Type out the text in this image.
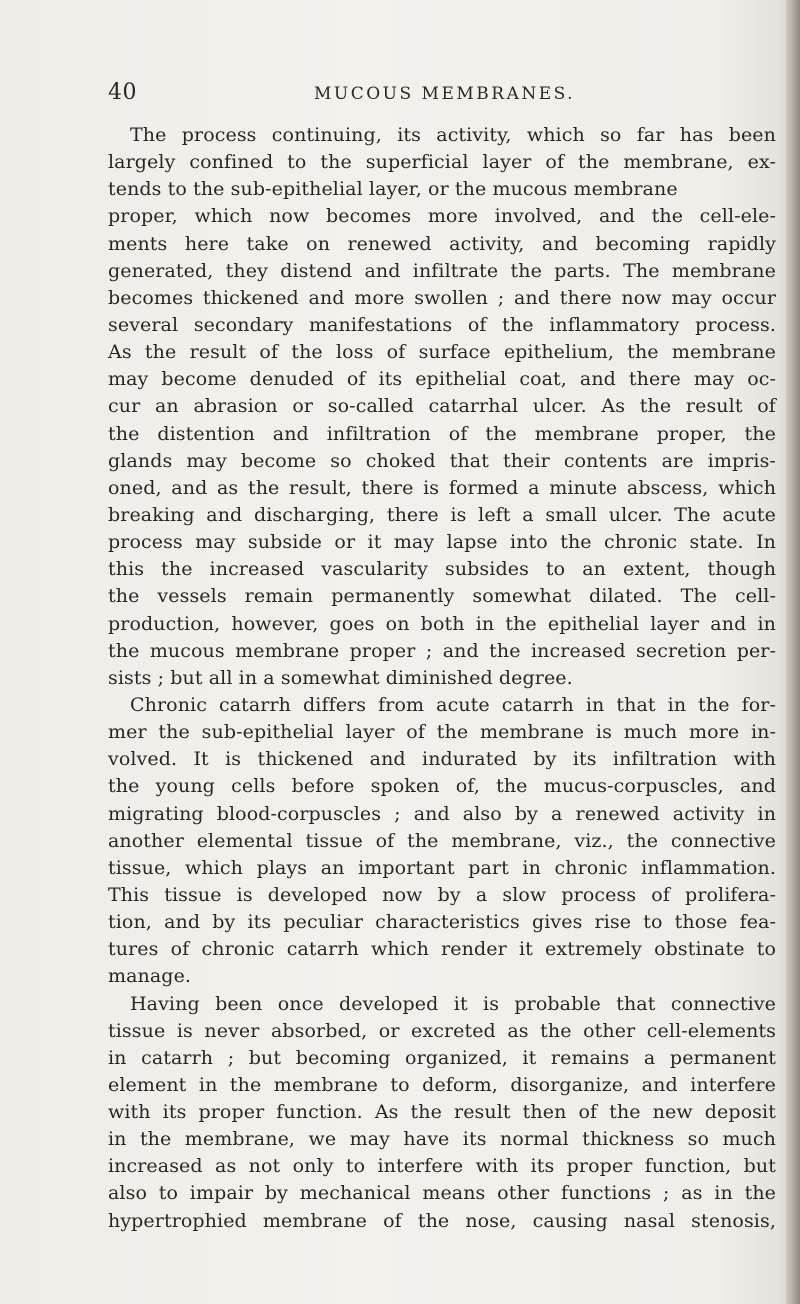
40	MUCOUS MEMBRANES.
The process continuing, its activity, which so far has been
largely confined to the superficial layer of the membrane, ex-
tends to the sub-epithelial layer, or the mucous membrane
proper, which now becomes more involved, and the cell-ele-
ments here take on renewed activity, and becoming rapidly
generated, they distend and infiltrate the parts. The membrane
becomes thickened and more swollen ; and there now may occur
several secondary manifestations of the inflammatory process.
As the result of the loss of surface epithelium, the membrane
may become denuded of its epithelial coat, and there may oc-
cur an abrasion or so-called catarrhal ulcer. As the result of
the distention and infiltration of the membrane proper, the
glands may become so choked that their contents are impris-
oned, and as the result, there is formed a minute abscess, which
breaking and discharging, there is left a small ulcer. The acute
process may subside or it may lapse into the chronic state. In
this the increased vascularity subsides to an extent, though
the vessels remain permanently somewhat dilated. The cell-
production, however, goes on both in the epithelial layer and in
the mucous membrane proper ; and the increased secretion per-
sists ; but all in a somewhat diminished degree.
Chronic catarrh differs from acute catarrh in that in the for-
mer the sub-epithelial layer of the membrane is much more in-
volved. It is thickened and indurated by its infiltration with
the young cells before spoken of, the mucus-corpuscles, and
migrating blood-corpuscles ; and also by a renewed activity in
another elemental tissue of the membrane, viz., the connective
tissue, which plays an important part in chronic inflammation.
This tissue is developed now by a slow process of prolifera-
tion, and by its peculiar characteristics gives rise to those fea-
tures of chronic catarrh which render it extremely obstinate to
manage.
Having been once developed it is probable that connective
tissue is never absorbed, or excreted as the other cell-elements
in catarrh ; but becoming organized, it remains a permanent
element in the membrane to deform, disorganize, and interfere
with its proper function. As the result then of the new deposit
in the membrane, we may have its normal thickness so much
increased as not only to interfere with its proper function, but
also to impair by mechanical means other functions ; as in the
hypertrophied membrane of the nose, causing nasal stenosis,
